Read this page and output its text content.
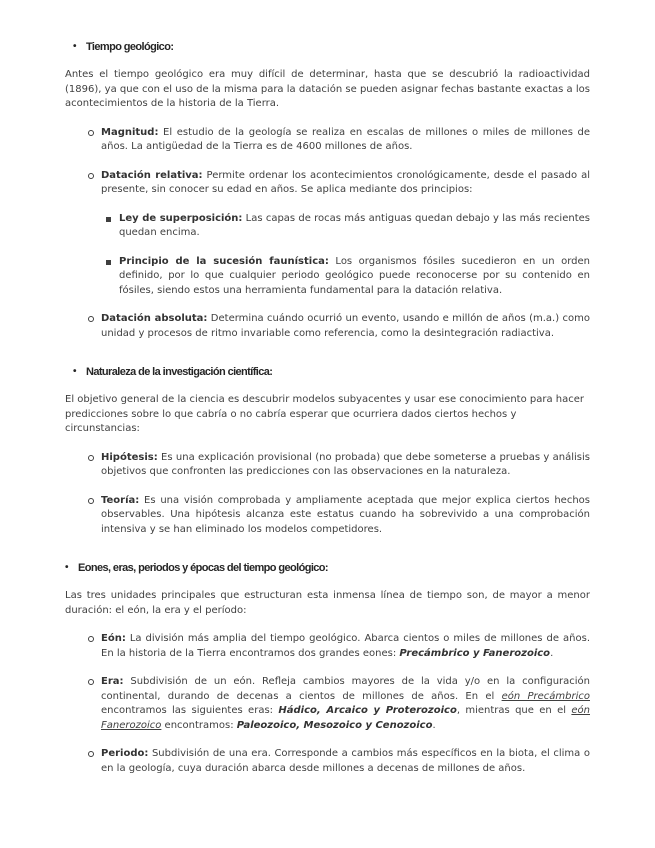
• Tiempo geológico:

Antes el tiempo geológico era muy difícil de determinar, hasta que se descubrió la radioactividad (1896), ya que con el uso de la misma para la datación se pueden asignar fechas bastante exactas a los acontecimientos de la historia de la Tierra.

Magnitud: El estudio de la geología se realiza en escalas de millones o miles de millones de años. La antigüedad de la Tierra es de 4600 millones de años.
Datación relativa: Permite ordenar los acontecimientos cronológicamente, desde el pasado al presente, sin conocer su edad en años. Se aplica mediante dos principios:
Ley de superposición: Las capas de rocas más antiguas quedan debajo y las más recientes quedan encima.
Principio de la sucesión faunística: Los organismos fósiles sucedieron en un orden definido, por lo que cualquier periodo geológico puede reconocerse por su contenido en fósiles, siendo estos una herramienta fundamental para la datación relativa.
Datación absoluta: Determina cuándo ocurrió un evento, usando e millón de años (m.a.) como unidad y procesos de ritmo invariable como referencia, como la desintegración radiactiva.
• Naturaleza de la investigación científica:

El objetivo general de la ciencia es descubrir modelos subyacentes y usar ese conocimiento para hacer predicciones sobre lo que cabría o no cabría esperar que ocurriera dados ciertos hechos y circunstancias:

Hipótesis: Es una explicación provisional (no probada) que debe someterse a pruebas y análisis objetivos que confronten las predicciones con las observaciones en la naturaleza.
Teoría: Es una visión comprobada y ampliamente aceptada que mejor explica ciertos hechos observables. Una hipótesis alcanza este estatus cuando ha sobrevivido a una comprobación intensiva y se han eliminado los modelos competidores.
• Eones, eras, periodos y épocas del tiempo geológico:

Las tres unidades principales que estructuran esta inmensa línea de tiempo son, de mayor a menor duración: el eón, la era y el período:

Eón: La división más amplia del tiempo geológico. Abarca cientos o miles de millones de años. En la historia de la Tierra encontramos dos grandes eones: Precámbrico y Fanerozoico.
Era: Subdivisión de un eón. Refleja cambios mayores de la vida y/o en la configuración continental, durando de decenas a cientos de millones de años. En el eón Precámbrico encontramos las siguientes eras: Hádico, Arcaico y Proterozoico, mientras que en el eón Fanerozoico encontramos: Paleozoico, Mesozoico y Cenozoico.
Periodo: Subdivisión de una era. Corresponde a cambios más específicos en la biota, el clima o en la geología, cuya duración abarca desde millones a decenas de millones de años.
